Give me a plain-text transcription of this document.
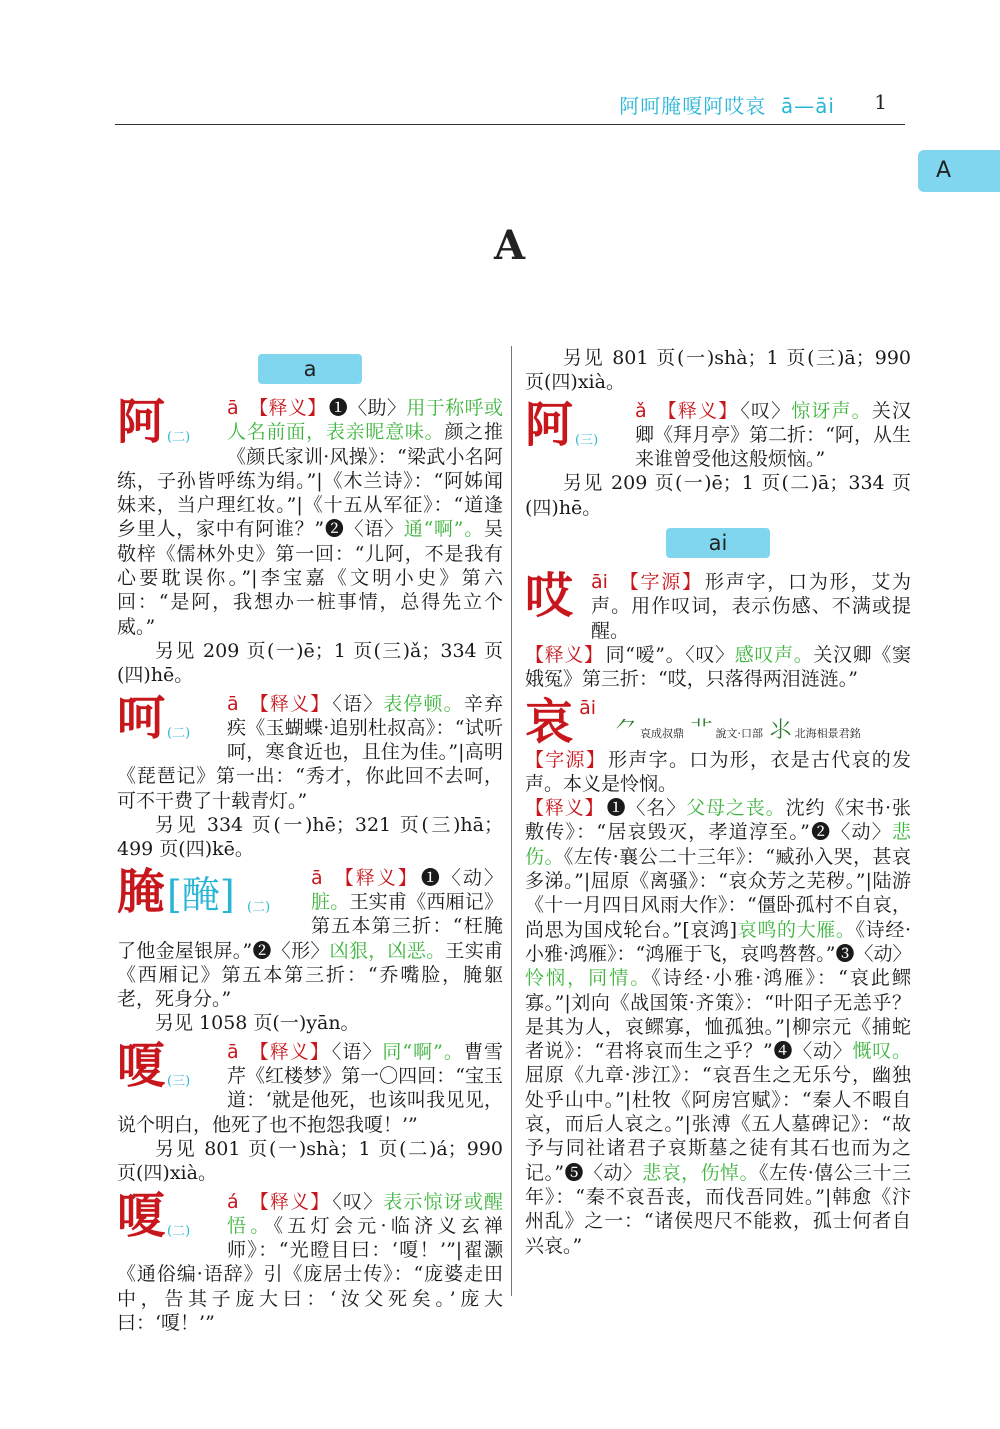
阿呵腌嗄阿哎哀 ā—āi 1
A
A
a
阿 (二)
ā 【释义】 ❶〈助〉用于称呼或人名前面，表亲昵意味。颜之推《颜氏家训·风操》：“梁武小名阿练，子孙皆呼练为绢。”|《木兰诗》：“阿姊闻妹来，当户理红妆。”|《十五从军征》：“道逢乡里人，家中有阿谁？”❷〈语〉通“啊”。吴敬梓《儒林外史》第一回：“儿阿，不是我有心要耽误你。”|李宝嘉《文明小史》第六回：“是阿，我想办一桩事情，总得先立个威。”
另见 209 页(一)ē；1 页(三)ǎ；334 页(四)hē。
呵 (二)
ā 【释义】 〈语〉表停顿。辛弃疾《玉蝴蝶·追别杜叔高》：“试听呵，寒食近也，且住为佳。”|高明《琵琶记》第一出：“秀才，你此回不去呵，可不干费了十载青灯。”
另见 334 页(一)hē；321 页(三)hā；499 页(四)kē。
腌[醃] (二)
ā 【释义】 ❶〈动〉脏。王实甫《西厢记》第五本第三折：“枉腌了他金屋银屏。”❷〈形〉凶狠，凶恶。王实甫《西厢记》第五本第三折：“乔嘴脸，腌躯老，死身分。”
另见 1058 页(一)yān。
嗄 (三)
ā 【释义】 〈语〉同“啊”。曹雪芹《红楼梦》第一〇四回：“宝玉道：‘就是他死，也该叫我见见，说个明白，他死了也不抱怨我嗄！’”
另见 801 页(一)shà；1 页(二)á；990 页(四)xià。
嗄 (二)
á 【释义】 〈叹〉表示惊讶或醒悟。《五灯会元·临济义玄禅师》：“光瞪目曰：‘嗄！’”|翟灏《通俗编·语辞》引《庞居士传》：“庞婆走田中，告其子庞大曰：‘汝父死矣。’庞大曰：‘嗄！’”
另见 801 页(一)shà；1 页(三)ā；990 页(四)xià。
阿 (三)
ǎ 【释义】 〈叹〉惊讶声。关汉卿《拜月亭》第二折：“阿，从生来谁曾受他这般烦恼。”
另见 209 页(一)ē；1 页(二)ā；334 页(四)hē。
ai
哎 āi 【字源】 形声字，口为形，艾为声。用作叹词，表示伤感、不满或提醒。
【释义】 同“嗳”。〈叹〉感叹声。关汉卿《窦娥冤》第三折：“哎，只落得两泪涟涟。”
哀 āi ⺈ 哀成叔鼎 ⻀ 說文·口部 ⺢ 北海相景君銘
【字源】 形声字。口为形，衣是古代哀的发声。本义是怜悯。
【释义】 ❶〈名〉父母之丧。沈约《宋书·张敷传》：“居哀毁灭，孝道淳至。”❷〈动〉悲伤。《左传·襄公二十三年》：“臧孙入哭，甚哀多涕。”|屈原《离骚》：“哀众芳之芜秽。”|陆游《十一月四日风雨大作》：“僵卧孤村不自哀，尚思为国戍轮台。”[哀鸿]哀鸣的大雁。《诗经·小雅·鸿雁》：“鸿雁于飞，哀鸣嗸嗸。”❸〈动〉怜悯，同情。《诗经·小雅·鸿雁》：“哀此鳏寡。”|刘向《战国策·齐策》：“叶阳子无恙乎？是其为人，哀鳏寡，恤孤独。”|柳宗元《捕蛇者说》：“君将哀而生之乎？”❹〈动〉慨叹。屈原《九章·涉江》：“哀吾生之无乐兮，幽独处乎山中。”|杜牧《阿房宫赋》：“秦人不暇自哀，而后人哀之。”|张溥《五人墓碑记》：“故予与同社诸君子哀斯墓之徒有其石也而为之记。”❺〈动〉悲哀，伤悼。《左传·僖公三十三年》：“秦不哀吾丧，而伐吾同姓。”|韩愈《汴州乱》之一：“诸侯咫尺不能救，孤士何者自兴哀。”
